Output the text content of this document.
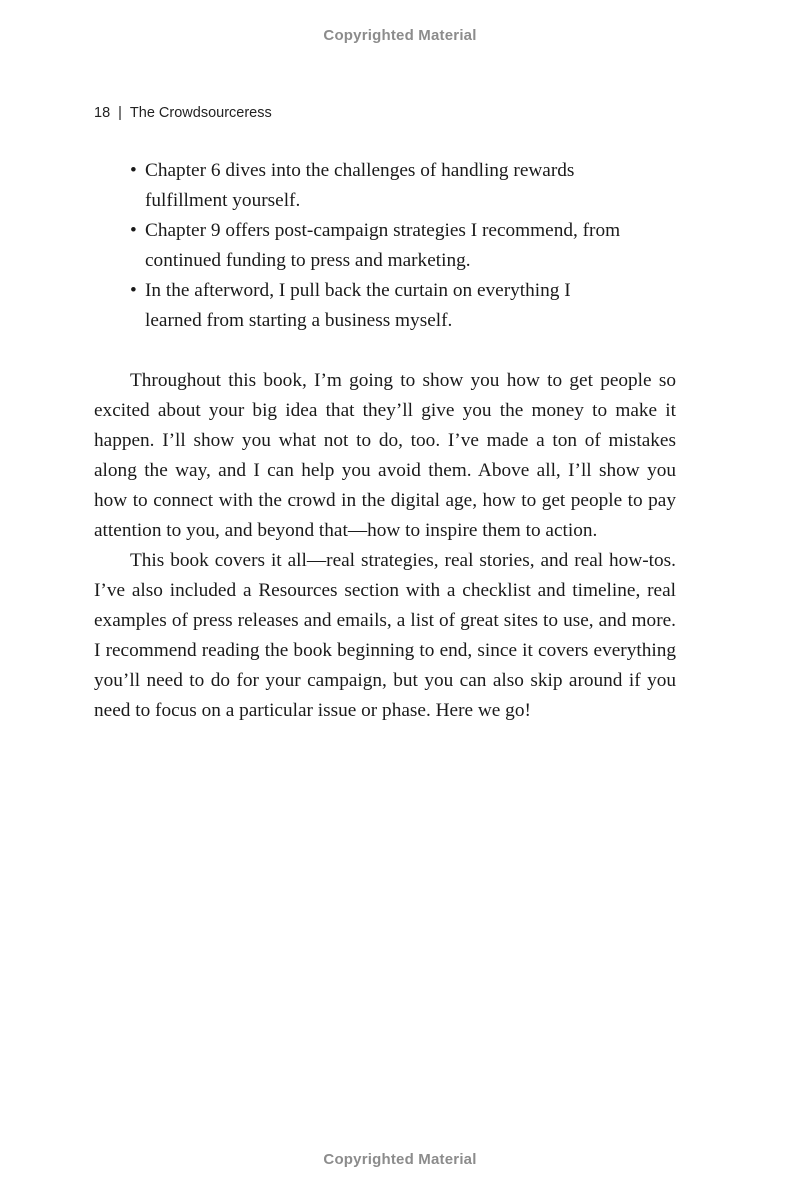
Copyrighted Material
18 | The Crowdsourceress
• Chapter 6 dives into the challenges of handling rewards fulfillment yourself.
• Chapter 9 offers post-campaign strategies I recommend, from continued funding to press and marketing.
• In the afterword, I pull back the curtain on everything I learned from starting a business myself.

Throughout this book, I’m going to show you how to get people so excited about your big idea that they’ll give you the money to make it happen. I’ll show you what not to do, too. I’ve made a ton of mistakes along the way, and I can help you avoid them. Above all, I’ll show you how to connect with the crowd in the digital age, how to get people to pay attention to you, and beyond that—how to inspire them to action.

This book covers it all—real strategies, real stories, and real how-tos. I’ve also included a Resources section with a checklist and timeline, real examples of press releases and emails, a list of great sites to use, and more. I recommend reading the book beginning to end, since it covers everything you’ll need to do for your campaign, but you can also skip around if you need to focus on a particular issue or phase. Here we go!

Copyrighted Material
